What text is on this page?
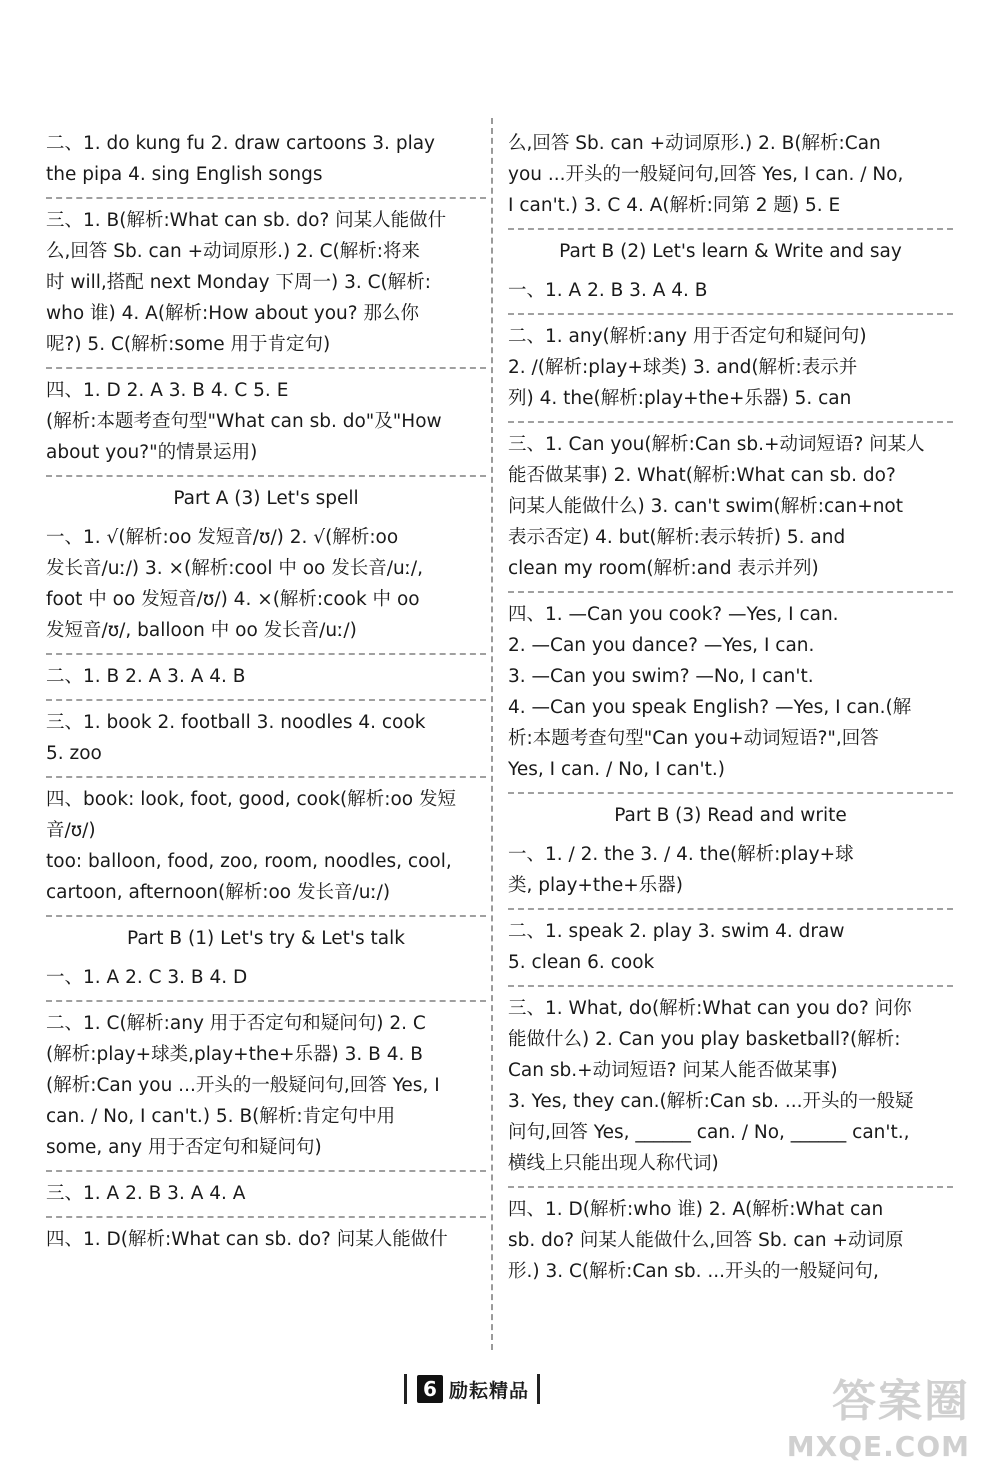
二、1. do kung fu 2. draw cartoons 3. play

the pipa 4. sing English songs

三、1. B(解析:What can sb. do? 问某人能做什

么,回答 Sb. can +动词原形.) 2. C(解析:将来

时 will,搭配 next Monday 下周一) 3. C(解析:

who 谁) 4. A(解析:How about you? 那么你

呢?) 5. C(解析:some 用于肯定句)

四、1. D 2. A 3. B 4. C 5. E

(解析:本题考查句型"What can sb. do"及"How

about you?"的情景运用)

Part A (3) Let's spell

一、1. √(解析:oo 发短音/ʊ/) 2. √(解析:oo

发长音/uː/) 3. ×(解析:cool 中 oo 发长音/uː/,

foot 中 oo 发短音/ʊ/) 4. ×(解析:cook 中 oo

发短音/ʊ/, balloon 中 oo 发长音/uː/)

二、1. B 2. A 3. A 4. B

三、1. book 2. football 3. noodles 4. cook

5. zoo

四、book: look, foot, good, cook(解析:oo 发短

音/ʊ/)

too: balloon, food, zoo, room, noodles, cool,

cartoon, afternoon(解析:oo 发长音/uː/)

Part B (1) Let's try & Let's talk

一、1. A 2. C 3. B 4. D

二、1. C(解析:any 用于否定句和疑问句) 2. C

(解析:play+球类,play+the+乐器) 3. B 4. B

(解析:Can you ...开头的一般疑问句,回答 Yes, I

can. / No, I can't.) 5. B(解析:肯定句中用

some, any 用于否定句和疑问句)

三、1. A 2. B 3. A 4. A

四、1. D(解析:What can sb. do? 问某人能做什

么,回答 Sb. can +动词原形.) 2. B(解析:Can

you ...开头的一般疑问句,回答 Yes, I can. / No,

I can't.) 3. C 4. A(解析:同第 2 题) 5. E

Part B (2) Let's learn & Write and say

一、1. A 2. B 3. A 4. B

二、1. any(解析:any 用于否定句和疑问句)

2. /(解析:play+球类) 3. and(解析:表示并

列) 4. the(解析:play+the+乐器) 5. can

三、1. Can you(解析:Can sb.+动词短语? 问某人

能否做某事) 2. What(解析:What can sb. do?

问某人能做什么) 3. can't swim(解析:can+not

表示否定) 4. but(解析:表示转折) 5. and

clean my room(解析:and 表示并列)

四、1. —Can you cook? —Yes, I can.

2. —Can you dance? —Yes, I can.

3. —Can you swim? —No, I can't.

4. —Can you speak English? —Yes, I can.(解

析:本题考查句型"Can you+动词短语?",回答

Yes, I can. / No, I can't.)

Part B (3) Read and write

一、1. / 2. the 3. / 4. the(解析:play+球

类, play+the+乐器)

二、1. speak 2. play 3. swim 4. draw

5. clean 6. cook

三、1. What, do(解析:What can you do? 问你

能做什么) 2. Can you play basketball?(解析:

Can sb.+动词短语? 问某人能否做某事)

3. Yes, they can.(解析:Can sb. ...开头的一般疑

问句,回答 Yes, ______ can. / No, ______ can't.,

横线上只能出现人称代词)

四、1. D(解析:who 谁) 2. A(解析:What can

sb. do? 问某人能做什么,回答 Sb. can +动词原

形.) 3. C(解析:Can sb. ...开头的一般疑问句,

6 励耘精品	答案圈
MXQE.COM
